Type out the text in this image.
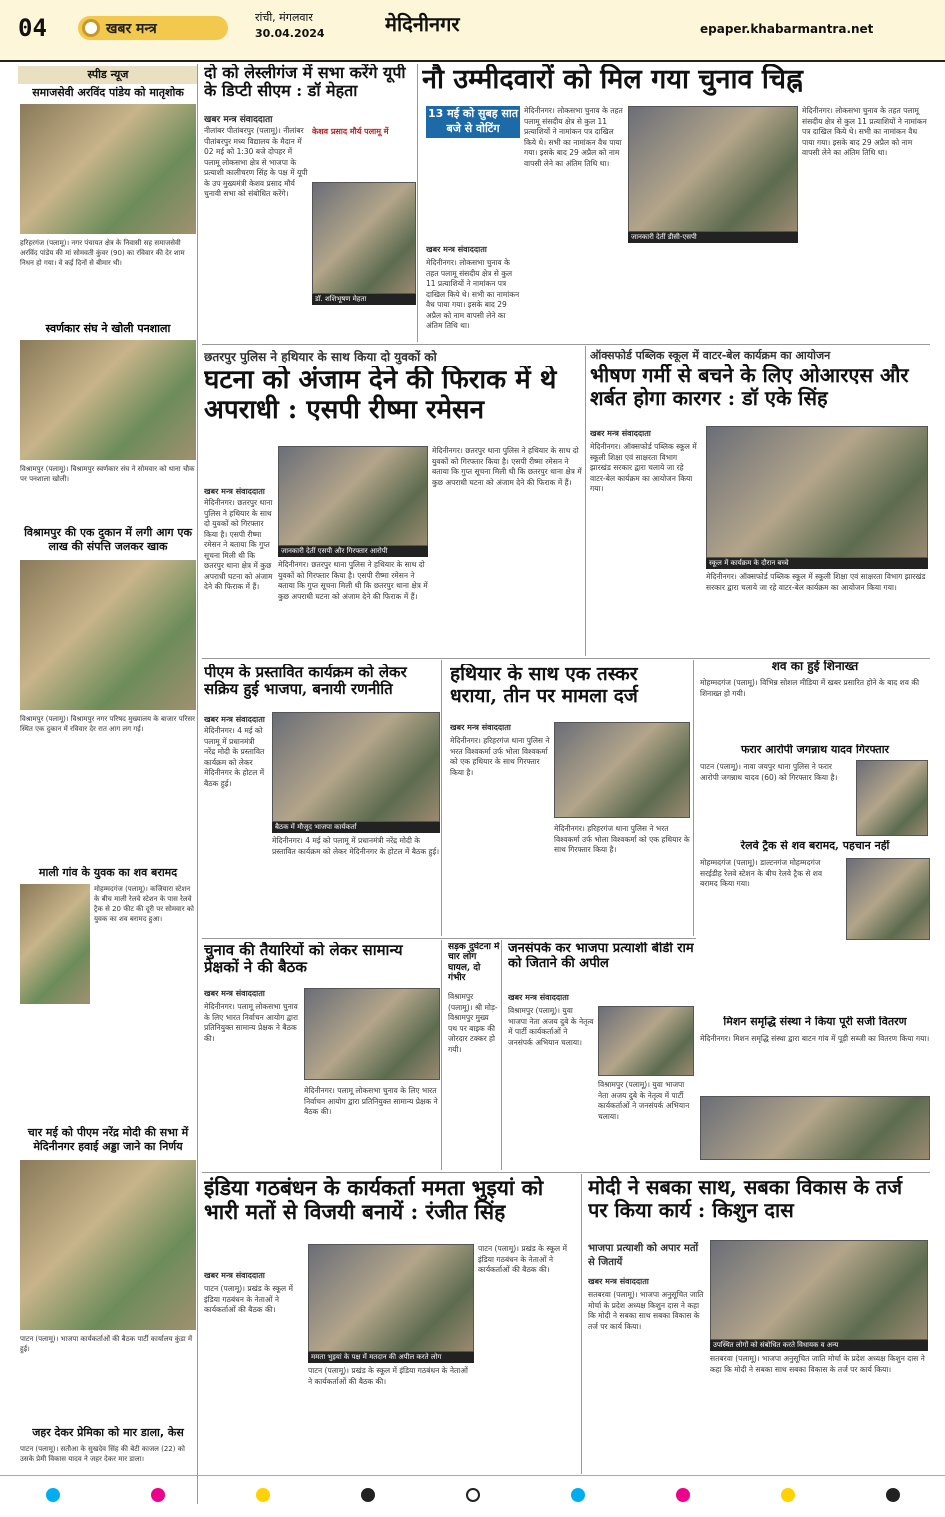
04	खबर मन्त्र
रांची, मंगलवार
30.04.2024	मेदिनीनगर	epaper.khabarmantra.net
स्पीड न्यूज
समाजसेवी अरविंद पांडेय को मातृशोक
हरिहरगंज (पलामू)। नगर पंचायत क्षेत्र के निवासी सह समाजसेवी अरविंद पांडेय की मां सोमवती कुंवर (90) का रविवार की देर शाम निधन हो गया। वे कई दिनों से बीमार थी।
स्वर्णकार संघ ने खोली पनशाला
विश्रामपुर (पलामू)। विश्रामपुर स्वर्णकार संघ ने सोमवार को थाना चौक पर पनशाला खोली।
विश्रामपुर की एक दुकान में लगी आग एक लाख की संपत्ति जलकर खाक
विश्रामपुर (पलामू)। विश्रामपुर नगर परिषद मुख्यालय के बाजार परिसर स्थित एक दुकान में रविवार देर रात आग लग गई।
माली गांव के युवक का शव बरामद
मोहम्मदगंज (पलामू)। कजियारा स्टेशन के बीच माली रेलवे स्टेशन के पास रेलवे ट्रैक से 20 फीट की दूरी पर सोमवार को युवक का शव बरामद हुआ।
चार मई को पीएम नरेंद्र मोदी की सभा में मेदिनीनगर हवाई अड्डा जाने का निर्णय
पाटन (पलामू)। भाजपा कार्यकर्ताओं की बैठक पार्टी कार्यालय कुंडा में हुई।
जहर देकर प्रेमिका को मार डाला, केस
पाटन (पलामू)। सतौआ के सुखदेव सिंह की बेटी काजल (22) को उसके प्रेमी विकास यादव ने जहर देकर मार डाला।
दो को लेस्लीगंज में सभा करेंगे यूपी के डिप्टी सीएम : डॉ मेहता
खबर मन्त्र संवाददाता
नीलांबर पीतांबरपुर (पलामू)। नीलांबर पीतांबरपुर मध्य विद्यालय के मैदान में 02 मई को 1:30 बजे दोपहर में पलामू लोकसभा क्षेत्र से भाजपा के प्रत्याशी कालीचरण सिंह के पक्ष में यूपी के उप मुख्यमंत्री केशव प्रसाद मौर्य चुनावी सभा को संबोधित करेंगे।
केशव प्रसाद मौर्य पलामू में
डॉ. शशिभूषण मेहता
नौ उम्मीदवारों को मिल गया चुनाव चिह्न
13 मई को सुबह सात बजे से वोटिंग
खबर मन्त्र संवाददाता
मेदिनीनगर। लोकसभा चुनाव के तहत पलामू संसदीय क्षेत्र से कुल 11 प्रत्याशियों ने नामांकन पत्र दाखिल किये थे। सभी का नामांकन वैध पाया गया। इसके बाद 29 अप्रैल को नाम वापसी लेने का अंतिम तिथि था।
मेदिनीनगर। लोकसभा चुनाव के तहत पलामू संसदीय क्षेत्र से कुल 11 प्रत्याशियों ने नामांकन पत्र दाखिल किये थे। सभी का नामांकन वैध पाया गया। इसके बाद 29 अप्रैल को नाम वापसी लेने का अंतिम तिथि था।
जानकारी देतीं डीसी-एसपी
मेदिनीनगर। लोकसभा चुनाव के तहत पलामू संसदीय क्षेत्र से कुल 11 प्रत्याशियों ने नामांकन पत्र दाखिल किये थे। सभी का नामांकन वैध पाया गया। इसके बाद 29 अप्रैल को नाम वापसी लेने का अंतिम तिथि था।
छतरपुर पुलिस ने हथियार के साथ किया दो युवकों को
घटना को अंजाम देने की फिराक में थे अपराधी : एसपी रीष्मा रमेसन
खबर मन्त्र संवाददाता
मेदिनीनगर। छतरपुर थाना पुलिस ने हथियार के साथ दो युवकों को गिरफ्तार किया है। एसपी रीष्मा रमेसन ने बताया कि गुप्त सूचना मिली थी कि छतरपुर थाना क्षेत्र में कुछ अपराधी घटना को अंजाम देने की फिराक में हैं।
जानकारी देतीं एसपी और गिरफ्तार आरोपी
मेदिनीनगर। छतरपुर थाना पुलिस ने हथियार के साथ दो युवकों को गिरफ्तार किया है। एसपी रीष्मा रमेसन ने बताया कि गुप्त सूचना मिली थी कि छतरपुर थाना क्षेत्र में कुछ अपराधी घटना को अंजाम देने की फिराक में हैं।
मेदिनीनगर। छतरपुर थाना पुलिस ने हथियार के साथ दो युवकों को गिरफ्तार किया है। एसपी रीष्मा रमेसन ने बताया कि गुप्त सूचना मिली थी कि छतरपुर थाना क्षेत्र में कुछ अपराधी घटना को अंजाम देने की फिराक में हैं।
ऑक्सफोर्ड पब्लिक स्कूल में वाटर-बेल कार्यक्रम का आयोजन
भीषण गर्मी से बचने के लिए ओआरएस और शर्बत होगा कारगर : डॉ एके सिंह
खबर मन्त्र संवाददाता
मेदिनीनगर। ऑक्सफोर्ड पब्लिक स्कूल में स्कूली शिक्षा एवं साक्षरता विभाग झारखंड सरकार द्वारा चलाये जा रहे वाटर-बेल कार्यक्रम का आयोजन किया गया।
स्कूल में कार्यक्रम के दौरान बच्चे
मेदिनीनगर। ऑक्सफोर्ड पब्लिक स्कूल में स्कूली शिक्षा एवं साक्षरता विभाग झारखंड सरकार द्वारा चलाये जा रहे वाटर-बेल कार्यक्रम का आयोजन किया गया।
पीएम के प्रस्तावित कार्यक्रम को लेकर सक्रिय हुई भाजपा, बनायी रणनीति
खबर मन्त्र संवाददाता
मेदिनीनगर। 4 मई को पलामू में प्रधानमंत्री नरेंद्र मोदी के प्रस्तावित कार्यक्रम को लेकर मेदिनीनगर के होटल में बैठक हुई।
बैठक में मौजूद भाजपा कार्यकर्ता
मेदिनीनगर। 4 मई को पलामू में प्रधानमंत्री नरेंद्र मोदी के प्रस्तावित कार्यक्रम को लेकर मेदिनीनगर के होटल में बैठक हुई।
हथियार के साथ एक तस्कर धराया, तीन पर मामला दर्ज
खबर मन्त्र संवाददाता
मेदिनीनगर। हरिहरगंज थाना पुलिस ने भरत विश्वकर्मा उर्फ भोला विश्वकर्मा को एक हथियार के साथ गिरफ्तार किया है।
मेदिनीनगर। हरिहरगंज थाना पुलिस ने भरत विश्वकर्मा उर्फ भोला विश्वकर्मा को एक हथियार के साथ गिरफ्तार किया है।
शव का हुई शिनाख्त
मोहम्मदगंज (पलामू)। विभिन्न सोशल मीडिया में खबर प्रसारित होने के बाद शव की शिनाख्त हो गयी।
फरार आरोपी जगन्नाथ यादव गिरफ्तार
पाटन (पलामू)। नावा जयपुर थाना पुलिस ने फरार आरोपी जगन्नाथ यादव (60) को गिरफ्तार किया है।
रेलवे ट्रैक से शव बरामद, पहचान नहीं
मोहम्मदगंज (पलामू)। डाल्टनगंज मोहम्मदगंज सरईडीह रेलवे स्टेशन के बीच रेलवे ट्रैक से शव बरामद किया गया।
मिशन समृद्धि संस्था ने किया पूरी सजी वितरण
मेदिनीनगर। मिशन समृद्धि संस्था द्वारा बाटन गांव में पूड़ी सब्जी का वितरण किया गया।
चुनाव की तैयारियों को लेकर सामान्य प्रेक्षकों ने की बैठक
खबर मन्त्र संवाददाता
मेदिनीनगर। पलामू लोकसभा चुनाव के लिए भारत निर्वाचन आयोग द्वारा प्रतिनियुक्त सामान्य प्रेक्षक ने बैठक की।
मेदिनीनगर। पलामू लोकसभा चुनाव के लिए भारत निर्वाचन आयोग द्वारा प्रतिनियुक्त सामान्य प्रेक्षक ने बैठक की।
सड़क दुर्घटना में चार लोग घायल, दो गंभीर
विश्रामपुर (पलामू)। श्री मोड़-विश्रामपुर मुख्य पथ पर बाइक की जोरदार टक्कर हो गयी।
जनसंपर्क कर भाजपा प्रत्याशी बीडी राम को जिताने की अपील
खबर मन्त्र संवाददाता
विश्रामपुर (पलामू)। युवा भाजपा नेता अजय दुबे के नेतृत्व में पार्टी कार्यकर्ताओं ने जनसंपर्क अभियान चलाया।
विश्रामपुर (पलामू)। युवा भाजपा नेता अजय दुबे के नेतृत्व में पार्टी कार्यकर्ताओं ने जनसंपर्क अभियान चलाया।
इंडिया गठबंधन के कार्यकर्ता ममता भुइयां को भारी मतों से विजयी बनायें : रंजीत सिंह
खबर मन्त्र संवाददाता
पाटन (पलामू)। प्रखंड के स्कूल में इंडिया गठबंधन के नेताओं ने कार्यकर्ताओं की बैठक की।
ममता भुइयां के पक्ष में मतदान की अपील करते लोग
पाटन (पलामू)। प्रखंड के स्कूल में इंडिया गठबंधन के नेताओं ने कार्यकर्ताओं की बैठक की।
पाटन (पलामू)। प्रखंड के स्कूल में इंडिया गठबंधन के नेताओं ने कार्यकर्ताओं की बैठक की।
मोदी ने सबका साथ, सबका विकास के तर्ज पर किया कार्य : किशुन दास
भाजपा प्रत्याशी को अपार मतों से जितायें
खबर मन्त्र संवाददाता
सतबरवा (पलामू)। भाजपा अनुसूचित जाति मोर्चा के प्रदेश अध्यक्ष किशुन दास ने कहा कि मोदी ने सबका साथ सबका विकास के तर्ज पर कार्य किया।
उपस्थित लोगों को संबोधित करते विधायक व अन्य
सतबरवा (पलामू)। भाजपा अनुसूचित जाति मोर्चा के प्रदेश अध्यक्ष किशुन दास ने कहा कि मोदी ने सबका साथ सबका विकास के तर्ज पर कार्य किया।
